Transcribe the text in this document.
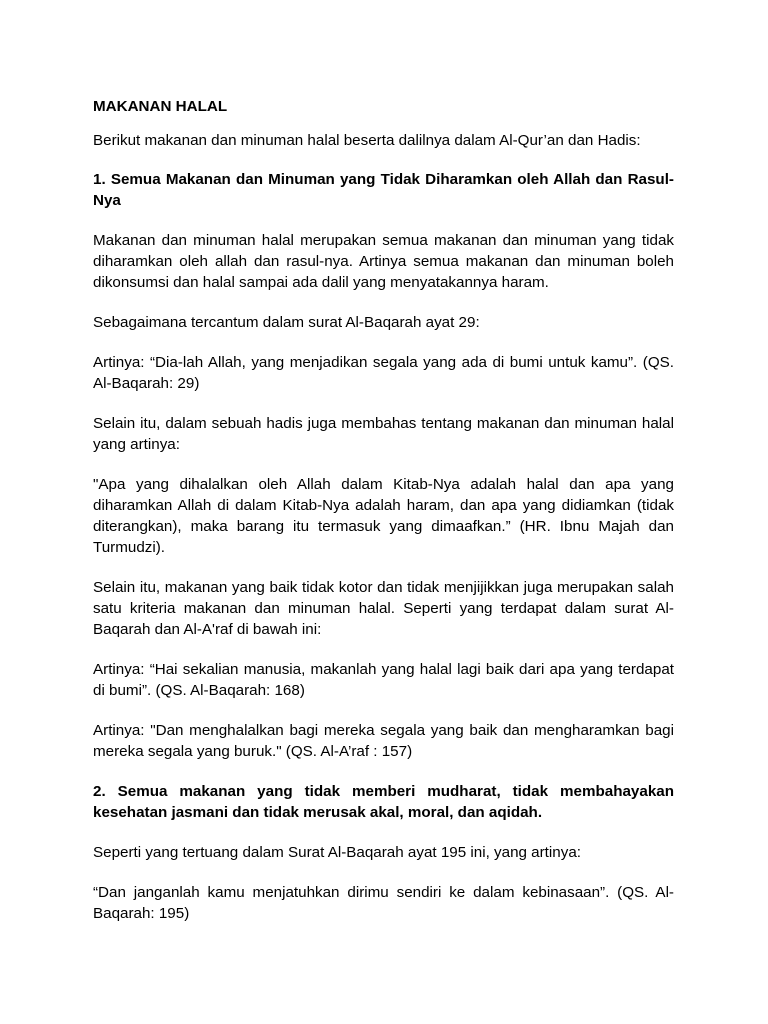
MAKANAN HALAL

Berikut makanan dan minuman halal beserta dalilnya dalam Al-Qur’an dan Hadis:

1. Semua Makanan dan Minuman yang Tidak Diharamkan oleh Allah dan Rasul-Nya

Makanan dan minuman halal merupakan semua makanan dan minuman yang tidak diharamkan oleh allah dan rasul-nya. Artinya semua makanan dan minuman boleh dikonsumsi dan halal sampai ada dalil yang menyatakannya haram.

Sebagaimana tercantum dalam surat Al-Baqarah ayat 29:

Artinya: “Dia-lah Allah, yang menjadikan segala yang ada di bumi untuk kamu”. (QS. Al-Baqarah: 29)

Selain itu, dalam sebuah hadis juga membahas tentang makanan dan minuman halal yang artinya:

"Apa yang dihalalkan oleh Allah dalam Kitab-Nya adalah halal dan apa yang diharamkan Allah di dalam Kitab-Nya adalah haram, dan apa yang didiamkan (tidak diterangkan), maka barang itu termasuk yang dimaafkan.” (HR. Ibnu Majah dan Turmudzi).

Selain itu, makanan yang baik tidak kotor dan tidak menjijikkan juga merupakan salah satu kriteria makanan dan minuman halal. Seperti yang terdapat dalam surat Al-Baqarah dan Al-A'raf di bawah ini:

Artinya: “Hai sekalian manusia, makanlah yang halal lagi baik dari apa yang terdapat di bumi”. (QS. Al-Baqarah: 168)

Artinya: "Dan menghalalkan bagi mereka segala yang baik dan mengharamkan bagi mereka segala yang buruk." (QS. Al-A’raf : 157)

2. Semua makanan yang tidak memberi mudharat, tidak membahayakan kesehatan jasmani dan tidak merusak akal, moral, dan aqidah.

Seperti yang tertuang dalam Surat Al-Baqarah ayat 195 ini, yang artinya:

“Dan janganlah kamu menjatuhkan dirimu sendiri ke dalam kebinasaan”. (QS. Al-Baqarah: 195)
